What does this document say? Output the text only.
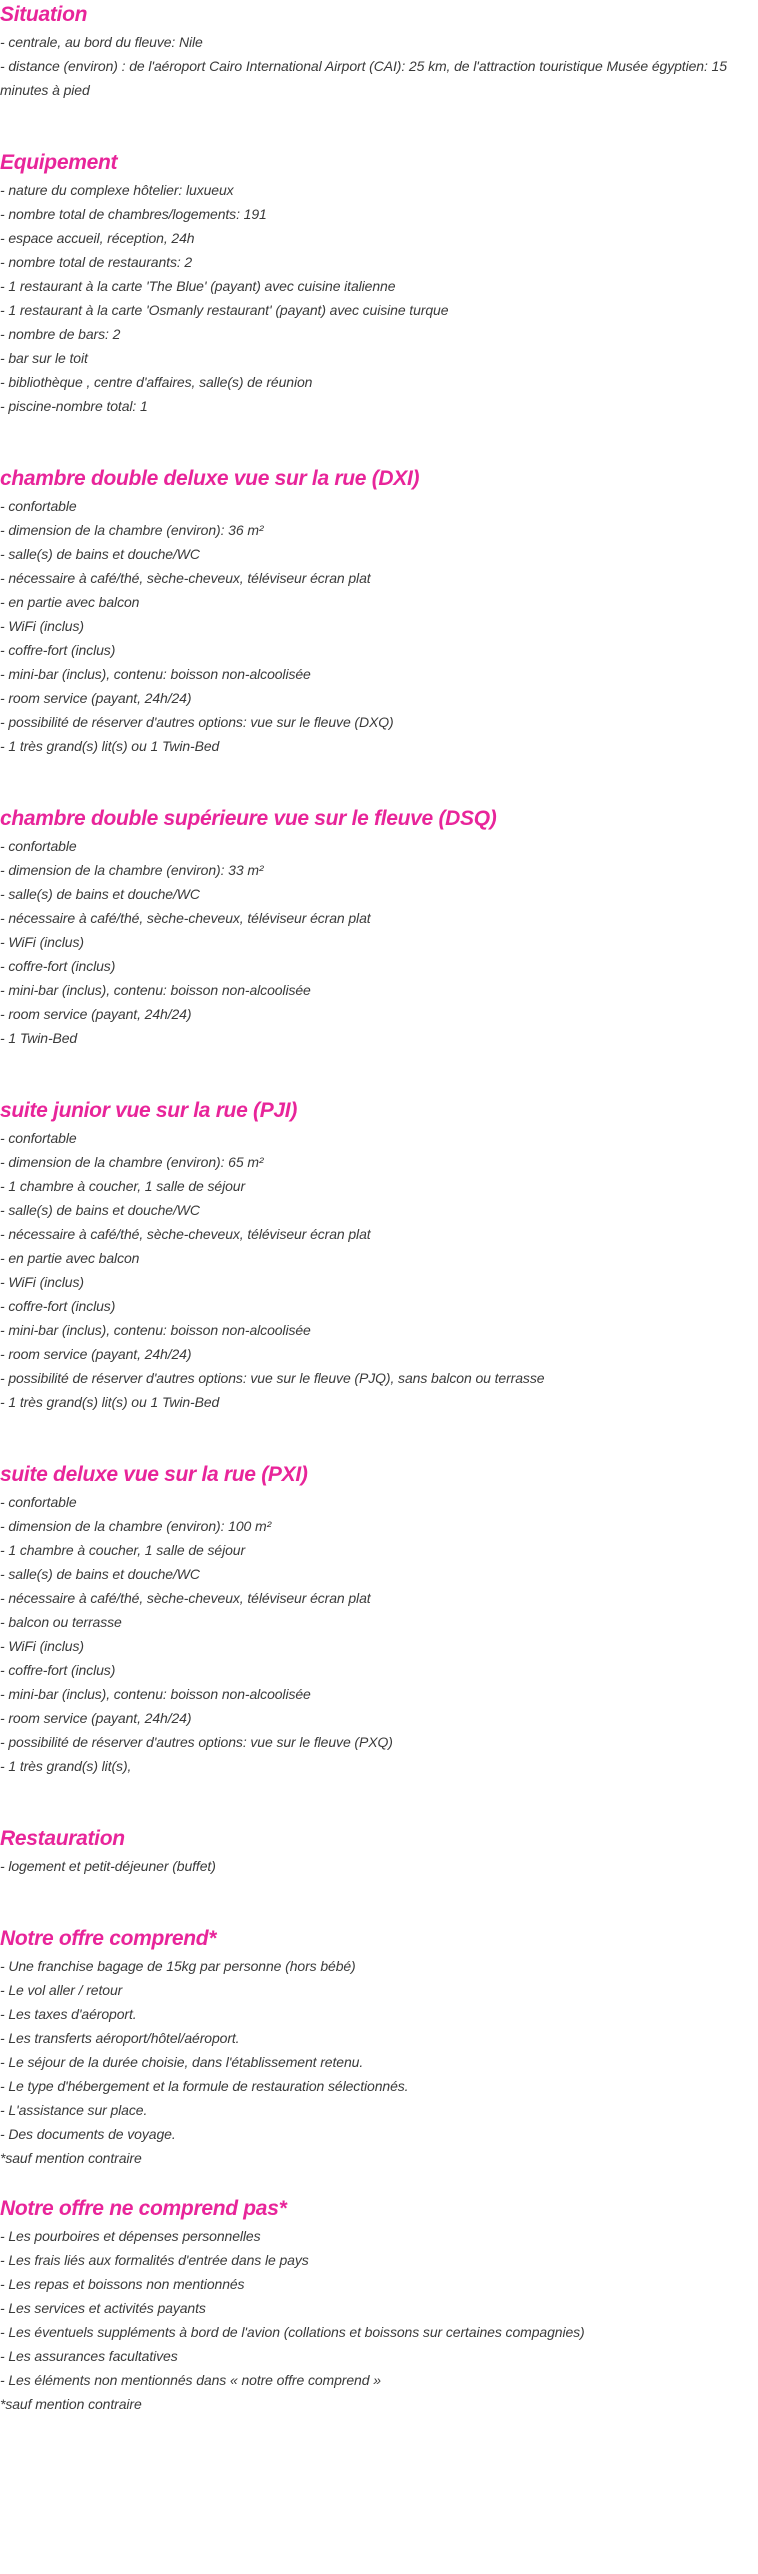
Situation

- centrale, au bord du fleuve: Nile

- distance (environ) : de l'aéroport Cairo International Airport (CAI): 25 km, de l'attraction touristique Musée égyptien: 15 minutes à pied

Equipement

- nature du complexe hôtelier: luxueux

- nombre total de chambres/logements: 191

- espace accueil, réception, 24h

- nombre total de restaurants: 2

- 1 restaurant à la carte 'The Blue' (payant) avec cuisine italienne

- 1 restaurant à la carte 'Osmanly restaurant' (payant) avec cuisine turque

- nombre de bars: 2

- bar sur le toit

- bibliothèque , centre d'affaires, salle(s) de réunion

- piscine-nombre total: 1

chambre double deluxe vue sur la rue (DXI)

- confortable

- dimension de la chambre (environ): 36 m²

- salle(s) de bains et douche/WC

- nécessaire à café/thé, sèche-cheveux, téléviseur écran plat

- en partie avec balcon

- WiFi (inclus)

- coffre-fort (inclus)

- mini-bar (inclus), contenu: boisson non-alcoolisée

- room service (payant, 24h/24)

- possibilité de réserver d'autres options: vue sur le fleuve (DXQ)

- 1 très grand(s) lit(s) ou 1 Twin-Bed

chambre double supérieure vue sur le fleuve (DSQ)

- confortable

- dimension de la chambre (environ): 33 m²

- salle(s) de bains et douche/WC

- nécessaire à café/thé, sèche-cheveux, téléviseur écran plat

- WiFi (inclus)

- coffre-fort (inclus)

- mini-bar (inclus), contenu: boisson non-alcoolisée

- room service (payant, 24h/24)

- 1 Twin-Bed

suite junior vue sur la rue (PJI)

- confortable

- dimension de la chambre (environ): 65 m²

- 1 chambre à coucher, 1 salle de séjour

- salle(s) de bains et douche/WC

- nécessaire à café/thé, sèche-cheveux, téléviseur écran plat

- en partie avec balcon

- WiFi (inclus)

- coffre-fort (inclus)

- mini-bar (inclus), contenu: boisson non-alcoolisée

- room service (payant, 24h/24)

- possibilité de réserver d'autres options: vue sur le fleuve (PJQ), sans balcon ou terrasse

- 1 très grand(s) lit(s) ou 1 Twin-Bed

suite deluxe vue sur la rue (PXI)

- confortable

- dimension de la chambre (environ): 100 m²

- 1 chambre à coucher, 1 salle de séjour

- salle(s) de bains et douche/WC

- nécessaire à café/thé, sèche-cheveux, téléviseur écran plat

- balcon ou terrasse

- WiFi (inclus)

- coffre-fort (inclus)

- mini-bar (inclus), contenu: boisson non-alcoolisée

- room service (payant, 24h/24)

- possibilité de réserver d'autres options: vue sur le fleuve (PXQ)

- 1 très grand(s) lit(s),

Restauration

- logement et petit-déjeuner (buffet)

Notre offre comprend*

- Une franchise bagage de 15kg par personne (hors bébé)

- Le vol aller / retour

- Les taxes d'aéroport.

- Les transferts aéroport/hôtel/aéroport.

- Le séjour de la durée choisie, dans l'établissement retenu.

- Le type d'hébergement et la formule de restauration sélectionnés.

- L'assistance sur place.

- Des documents de voyage.

*sauf mention contraire

Notre offre ne comprend pas*

- Les pourboires et dépenses personnelles

- Les frais liés aux formalités d'entrée dans le pays

- Les repas et boissons non mentionnés

- Les services et activités payants

- Les éventuels suppléments à bord de l'avion (collations et boissons sur certaines compagnies)

- Les assurances facultatives

- Les éléments non mentionnés dans « notre offre comprend »

*sauf mention contraire
